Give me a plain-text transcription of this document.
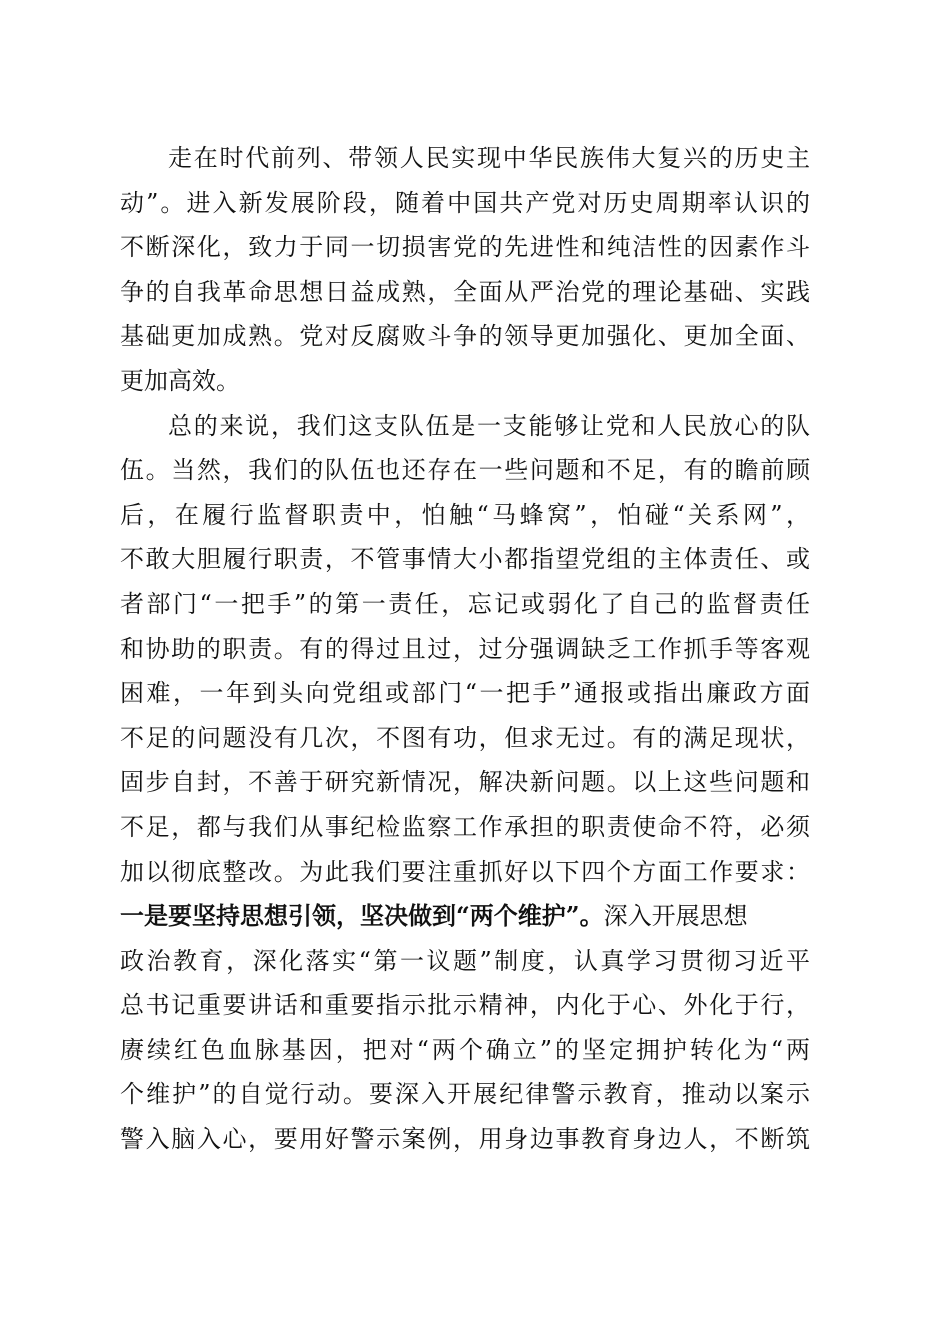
走在时代前列、带领人民实现中华民族伟大复兴的历史主
动”。进入新发展阶段，随着中国共产党对历史周期率认识的
不断深化，致力于同一切损害党的先进性和纯洁性的因素作斗
争的自我革命思想日益成熟，全面从严治党的理论基础、实践
基础更加成熟。党对反腐败斗争的领导更加强化、更加全面、
更加高效。
总的来说，我们这支队伍是一支能够让党和人民放心的队
伍。当然，我们的队伍也还存在一些问题和不足，有的瞻前顾
后，在履行监督职责中，怕触“马蜂窝”，怕碰“关系网”，
不敢大胆履行职责，不管事情大小都指望党组的主体责任、或
者部门“一把手”的第一责任，忘记或弱化了自己的监督责任
和协助的职责。有的得过且过，过分强调缺乏工作抓手等客观
困难，一年到头向党组或部门“一把手”通报或指出廉政方面
不足的问题没有几次，不图有功，但求无过。有的满足现状，
固步自封，不善于研究新情况，解决新问题。以上这些问题和
不足，都与我们从事纪检监察工作承担的职责使命不符，必须
加以彻底整改。为此我们要注重抓好以下四个方面工作要求：
一是要坚持思想引领，坚决做到“两个维护”。深入开展思想
政治教育，深化落实“第一议题”制度，认真学习贯彻习近平
总书记重要讲话和重要指示批示精神，内化于心、外化于行，
赓续红色血脉基因，把对“两个确立”的坚定拥护转化为“两
个维护”的自觉行动。要深入开展纪律警示教育，推动以案示
警入脑入心，要用好警示案例，用身边事教育身边人，不断筑
